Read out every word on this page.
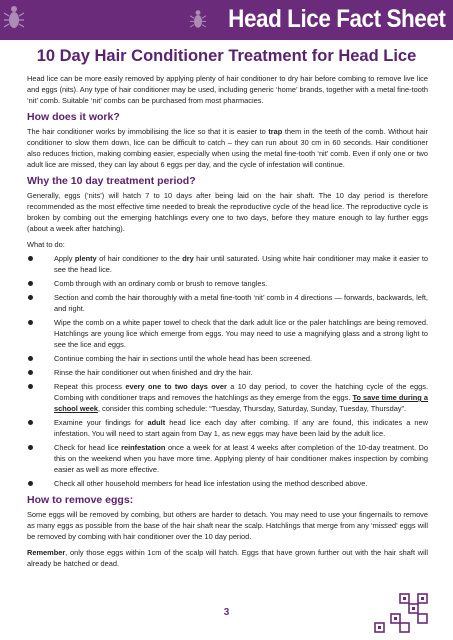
Head Lice Fact Sheet
10 Day Hair Conditioner Treatment for Head Lice

Head lice can be more easily removed by applying plenty of hair conditioner to dry hair before combing to remove live lice and eggs (nits). Any type of hair conditioner may be used, including generic ‘home’ brands, together with a metal fine-tooth ‘nit’ comb. Suitable ‘nit’ combs can be purchased from most pharmacies.

How does it work?

The hair conditioner works by immobilising the lice so that it is easier to trap them in the teeth of the comb. Without hair conditioner to slow them down, lice can be difficult to catch – they can run about 30 cm in 60 seconds. Hair conditioner also reduces friction, making combing easier, especially when using the metal fine-tooth ‘nit’ comb. Even if only one or two adult lice are missed, they can lay about 6 eggs per day, and the cycle of infestation will continue.

Why the 10 day treatment period?

Generally, eggs (‘nits’) will hatch 7 to 10 days after being laid on the hair shaft. The 10 day period is therefore recommended as the most effective time needed to break the reproductive cycle of the head lice. The reproductive cycle is broken by combing out the emerging hatchlings every one to two days, before they mature enough to lay further eggs (about a week after hatching).

What to do:

Apply plenty of hair conditioner to the dry hair until saturated. Using white hair conditioner may make it easier to see the head lice.
Comb through with an ordinary comb or brush to remove tangles.
Section and comb the hair thoroughly with a metal fine-tooth ‘nit’ comb in 4 directions — forwards, backwards, left, and right.
Wipe the comb on a white paper towel to check that the dark adult lice or the paler hatchlings are being removed. Hatchlings are young lice which emerge from eggs. You may need to use a magnifying glass and a strong light to see the lice and eggs.
Continue combing the hair in sections until the whole head has been screened.
Rinse the hair conditioner out when finished and dry the hair.
Repeat this process every one to two days over a 10 day period, to cover the hatching cycle of the eggs. Combing with conditioner traps and removes the hatchlings as they emerge from the eggs. To save time during a school week, consider this combing schedule: “Tuesday, Thursday, Saturday, Sunday, Tuesday, Thursday”.
Examine your findings for adult head lice each day after combing. If any are found, this indicates a new infestation. You will need to start again from Day 1, as new eggs may have been laid by the adult lice.
Check for head lice reinfestation once a week for at least 4 weeks after completion of the 10-day treatment. Do this on the weekend when you have more time. Applying plenty of hair conditioner makes inspection by combing easier as well as more effective.
Check all other household members for head lice infestation using the method described above.
How to remove eggs:

Some eggs will be removed by combing, but others are harder to detach. You may need to use your fingernails to remove as many eggs as possible from the base of the hair shaft near the scalp. Hatchlings that merge from any ‘missed’ eggs will be removed by combing with hair conditioner over the 10 day period.

Remember, only those eggs within 1cm of the scalp will hatch. Eggs that have grown further out with the hair shaft will already be hatched or dead.

3
